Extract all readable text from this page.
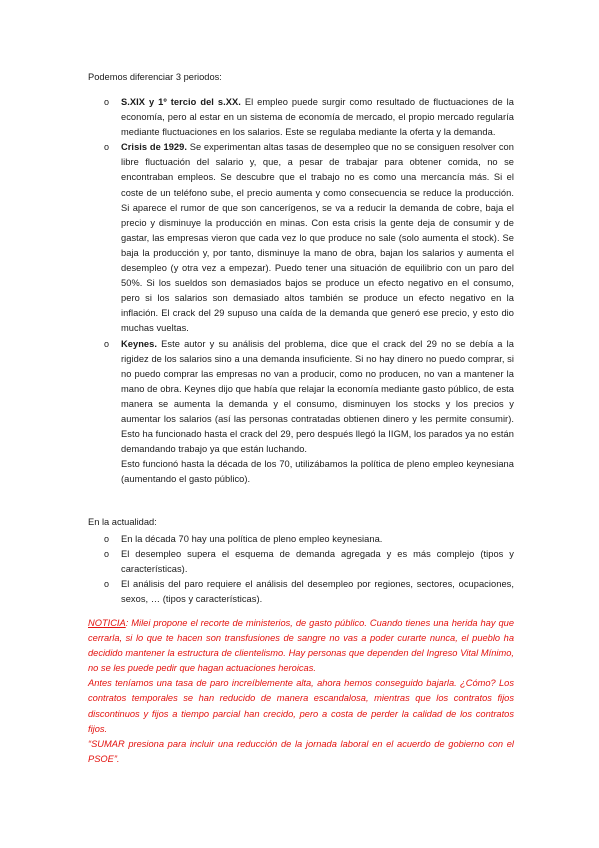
Podemos diferenciar 3 periodos:
o S.XIX y 1º tercio del s.XX. El empleo puede surgir como resultado de fluctuaciones de la economía, pero al estar en un sistema de economía de mercado, el propio mercado regularía mediante fluctuaciones en los salarios. Este se regulaba mediante la oferta y la demanda.
o Crisis de 1929. Se experimentan altas tasas de desempleo que no se consiguen resolver con libre fluctuación del salario y, que, a pesar de trabajar para obtener comida, no se encontraban empleos. Se descubre que el trabajo no es como una mercancía más. Si el coste de un teléfono sube, el precio aumenta y como consecuencia se reduce la producción. Si aparece el rumor de que son cancerígenos, se va a reducir la demanda de cobre, baja el precio y disminuye la producción en minas. Con esta crisis la gente deja de consumir y de gastar, las empresas vieron que cada vez lo que produce no sale (solo aumenta el stock). Se baja la producción y, por tanto, disminuye la mano de obra, bajan los salarios y aumenta el desempleo (y otra vez a empezar). Puedo tener una situación de equilibrio con un paro del 50%. Si los sueldos son demasiados bajos se produce un efecto negativo en el consumo, pero si los salarios son demasiado altos también se produce un efecto negativo en la inflación. El crack del 29 supuso una caída de la demanda que generó ese precio, y esto dio muchas vueltas.
o Keynes. Este autor y su análisis del problema, dice que el crack del 29 no se debía a la rigidez de los salarios sino a una demanda insuficiente. Si no hay dinero no puedo comprar, si no puedo comprar las empresas no van a producir, como no producen, no van a mantener la mano de obra. Keynes dijo que había que relajar la economía mediante gasto público, de esta manera se aumenta la demanda y el consumo, disminuyen los stocks y los precios y aumentar los salarios (así las personas contratadas obtienen dinero y les permite consumir). Esto ha funcionado hasta el crack del 29, pero después llegó la IIGM, los parados ya no están demandando trabajo ya que están luchando.
Esto funcionó hasta la década de los 70, utilizábamos la política de pleno empleo keynesiana (aumentando el gasto público).
En la actualidad:
o En la década 70 hay una política de pleno empleo keynesiana.
o El desempleo supera el esquema de demanda agregada y es más complejo (tipos y características).
o El análisis del paro requiere el análisis del desempleo por regiones, sectores, ocupaciones, sexos, … (tipos y características).

NOTICIA: Milei propone el recorte de ministerios, de gasto público. Cuando tienes una herida hay que cerrarla, si lo que te hacen son transfusiones de sangre no vas a poder curarte nunca, el pueblo ha decidido mantener la estructura de clientelismo. Hay personas que dependen del Ingreso Vital Mínimo, no se les puede pedir que hagan actuaciones heroicas.

Antes teníamos una tasa de paro increíblemente alta, ahora hemos conseguido bajarla. ¿Cómo? Los contratos temporales se han reducido de manera escandalosa, mientras que los contratos fijos discontinuos y fijos a tiempo parcial han crecido, pero a costa de perder la calidad de los contratos fijos.

“SUMAR presiona para incluir una reducción de la jornada laboral en el acuerdo de gobierno con el PSOE”.
